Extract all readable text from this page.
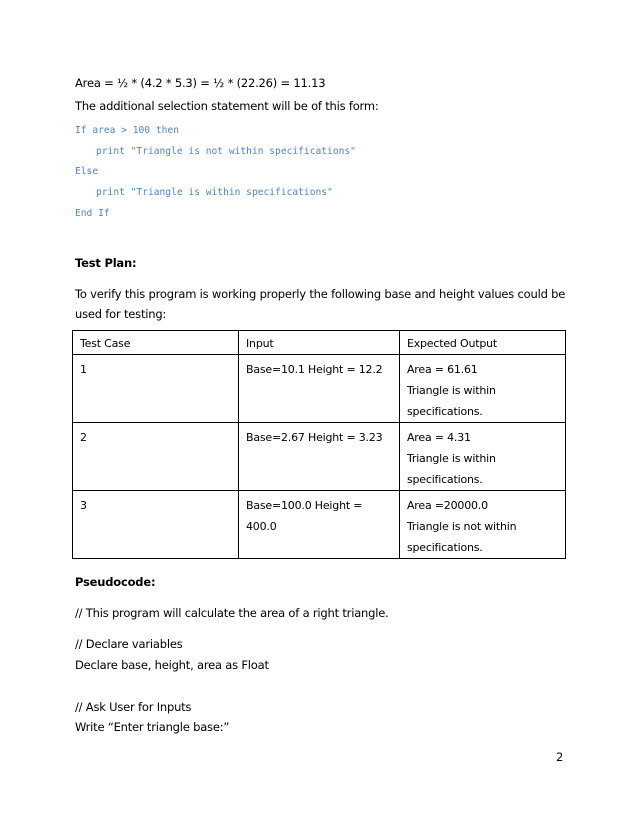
Area = ½ * (4.2 * 5.3) = ½ * (22.26) = 11.13
The additional selection statement will be of this form:
If area > 100 then
print "Triangle is not within specifications"
Else
print "Triangle is within specifications"
End If
Test Plan:
To verify this program is working properly the following base and height values could be
used for testing:
Test Case	Input	Expected Output
1	Base=10.1 Height = 12.2	Area = 61.61
Triangle is within
specifications.

2	Base=2.67 Height = 3.23	Area = 4.31
Triangle is within
specifications.

3	Base=100.0 Height = 400.0	Area =20000.0
Triangle is not within
specifications.
Pseudocode:
// This program will calculate the area of a right triangle.
// Declare variables
Declare base, height, area as Float
// Ask User for Inputs
Write “Enter triangle base:”
2
